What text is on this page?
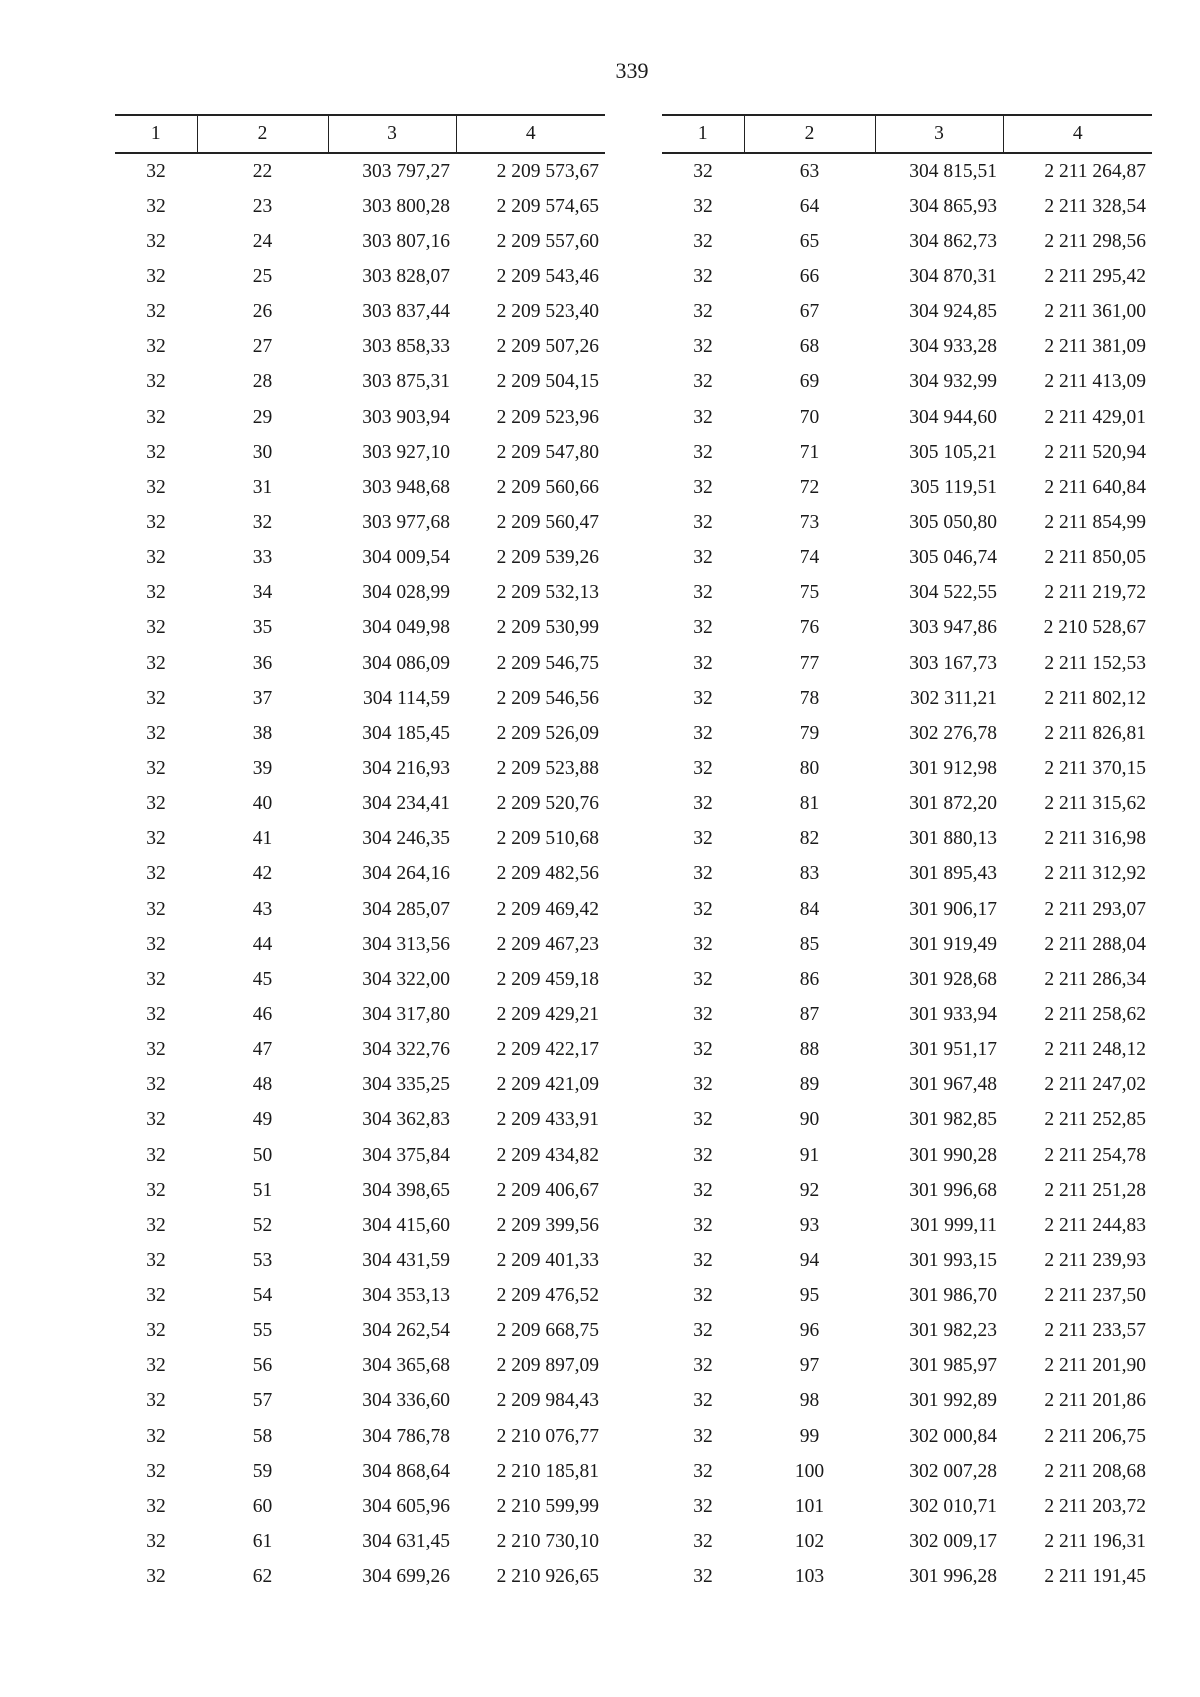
339
1	2	3	4
32	22	303 797,27	2 209 573,67
32	23	303 800,28	2 209 574,65
32	24	303 807,16	2 209 557,60
32	25	303 828,07	2 209 543,46
32	26	303 837,44	2 209 523,40
32	27	303 858,33	2 209 507,26
32	28	303 875,31	2 209 504,15
32	29	303 903,94	2 209 523,96
32	30	303 927,10	2 209 547,80
32	31	303 948,68	2 209 560,66
32	32	303 977,68	2 209 560,47
32	33	304 009,54	2 209 539,26
32	34	304 028,99	2 209 532,13
32	35	304 049,98	2 209 530,99
32	36	304 086,09	2 209 546,75
32	37	304 114,59	2 209 546,56
32	38	304 185,45	2 209 526,09
32	39	304 216,93	2 209 523,88
32	40	304 234,41	2 209 520,76
32	41	304 246,35	2 209 510,68
32	42	304 264,16	2 209 482,56
32	43	304 285,07	2 209 469,42
32	44	304 313,56	2 209 467,23
32	45	304 322,00	2 209 459,18
32	46	304 317,80	2 209 429,21
32	47	304 322,76	2 209 422,17
32	48	304 335,25	2 209 421,09
32	49	304 362,83	2 209 433,91
32	50	304 375,84	2 209 434,82
32	51	304 398,65	2 209 406,67
32	52	304 415,60	2 209 399,56
32	53	304 431,59	2 209 401,33
32	54	304 353,13	2 209 476,52
32	55	304 262,54	2 209 668,75
32	56	304 365,68	2 209 897,09
32	57	304 336,60	2 209 984,43
32	58	304 786,78	2 210 076,77
32	59	304 868,64	2 210 185,81
32	60	304 605,96	2 210 599,99
32	61	304 631,45	2 210 730,10
32	62	304 699,26	2 210 926,65
1	2	3	4
32	63	304 815,51	2 211 264,87
32	64	304 865,93	2 211 328,54
32	65	304 862,73	2 211 298,56
32	66	304 870,31	2 211 295,42
32	67	304 924,85	2 211 361,00
32	68	304 933,28	2 211 381,09
32	69	304 932,99	2 211 413,09
32	70	304 944,60	2 211 429,01
32	71	305 105,21	2 211 520,94
32	72	305 119,51	2 211 640,84
32	73	305 050,80	2 211 854,99
32	74	305 046,74	2 211 850,05
32	75	304 522,55	2 211 219,72
32	76	303 947,86	2 210 528,67
32	77	303 167,73	2 211 152,53
32	78	302 311,21	2 211 802,12
32	79	302 276,78	2 211 826,81
32	80	301 912,98	2 211 370,15
32	81	301 872,20	2 211 315,62
32	82	301 880,13	2 211 316,98
32	83	301 895,43	2 211 312,92
32	84	301 906,17	2 211 293,07
32	85	301 919,49	2 211 288,04
32	86	301 928,68	2 211 286,34
32	87	301 933,94	2 211 258,62
32	88	301 951,17	2 211 248,12
32	89	301 967,48	2 211 247,02
32	90	301 982,85	2 211 252,85
32	91	301 990,28	2 211 254,78
32	92	301 996,68	2 211 251,28
32	93	301 999,11	2 211 244,83
32	94	301 993,15	2 211 239,93
32	95	301 986,70	2 211 237,50
32	96	301 982,23	2 211 233,57
32	97	301 985,97	2 211 201,90
32	98	301 992,89	2 211 201,86
32	99	302 000,84	2 211 206,75
32	100	302 007,28	2 211 208,68
32	101	302 010,71	2 211 203,72
32	102	302 009,17	2 211 196,31
32	103	301 996,28	2 211 191,45
